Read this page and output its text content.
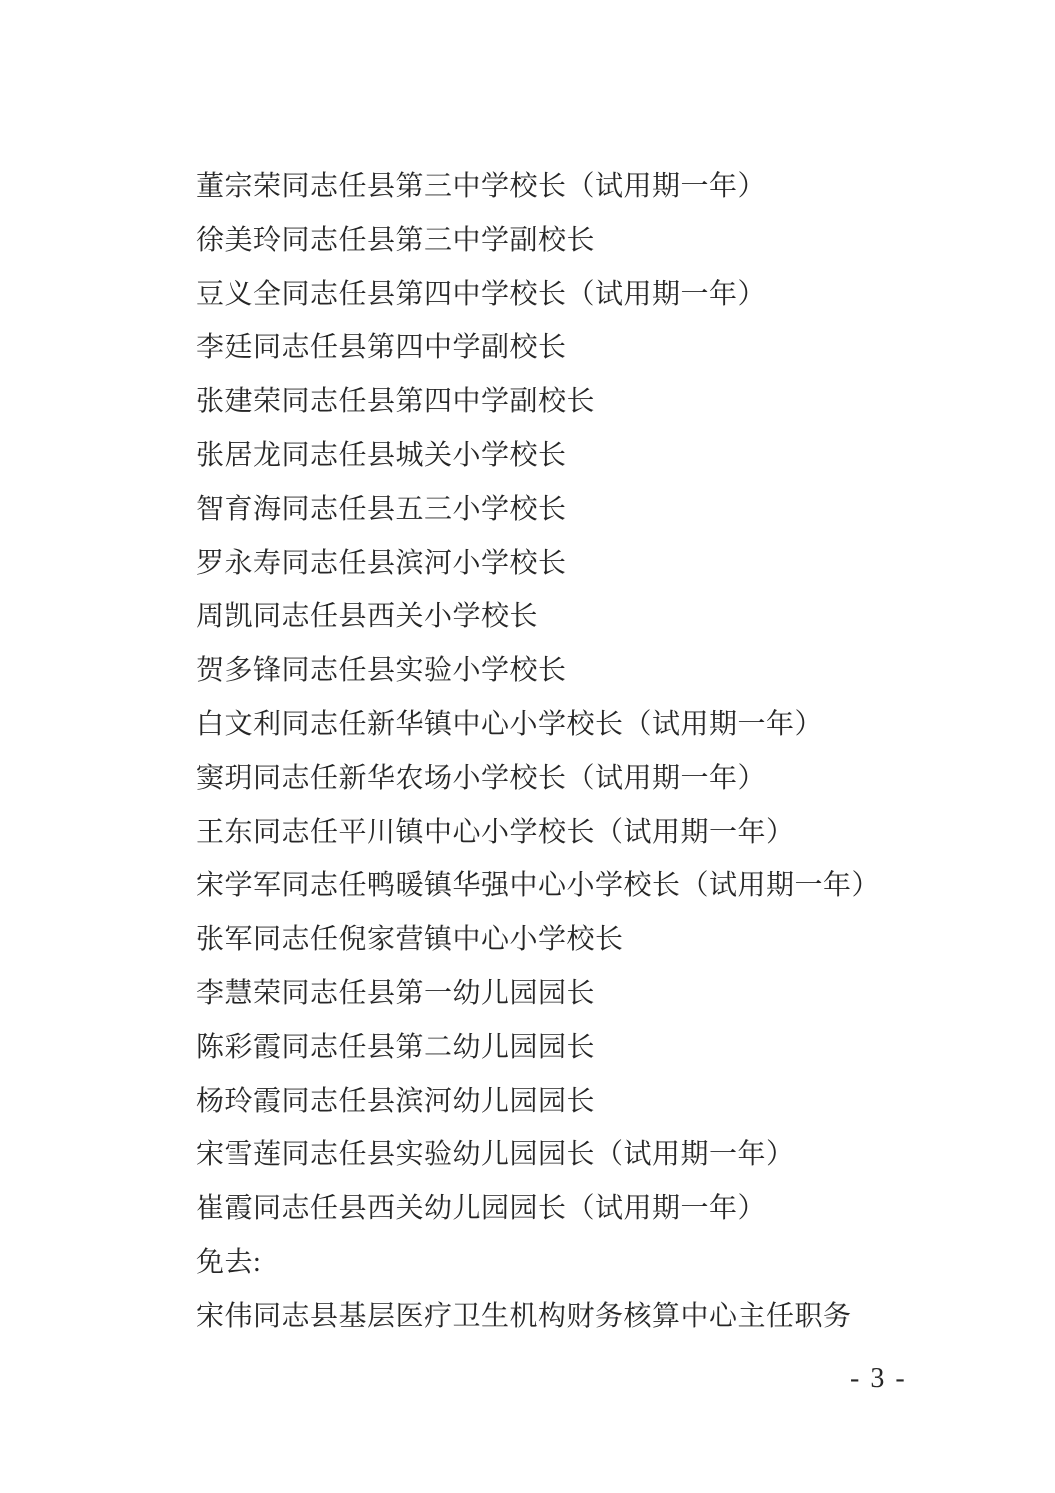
董宗荣同志任县第三中学校长（试用期一年）
徐美玲同志任县第三中学副校长
豆义全同志任县第四中学校长（试用期一年）
李廷同志任县第四中学副校长
张建荣同志任县第四中学副校长
张居龙同志任县城关小学校长
智育海同志任县五三小学校长
罗永寿同志任县滨河小学校长
周凯同志任县西关小学校长
贺多锋同志任县实验小学校长
白文利同志任新华镇中心小学校长（试用期一年）
窦玥同志任新华农场小学校长（试用期一年）
王东同志任平川镇中心小学校长（试用期一年）
宋学军同志任鸭暖镇华强中心小学校长（试用期一年）
张军同志任倪家营镇中心小学校长
李慧荣同志任县第一幼儿园园长
陈彩霞同志任县第二幼儿园园长
杨玲霞同志任县滨河幼儿园园长
宋雪莲同志任县实验幼儿园园长（试用期一年）
崔霞同志任县西关幼儿园园长（试用期一年）
免去:
宋伟同志县基层医疗卫生机构财务核算中心主任职务
- 3 -
